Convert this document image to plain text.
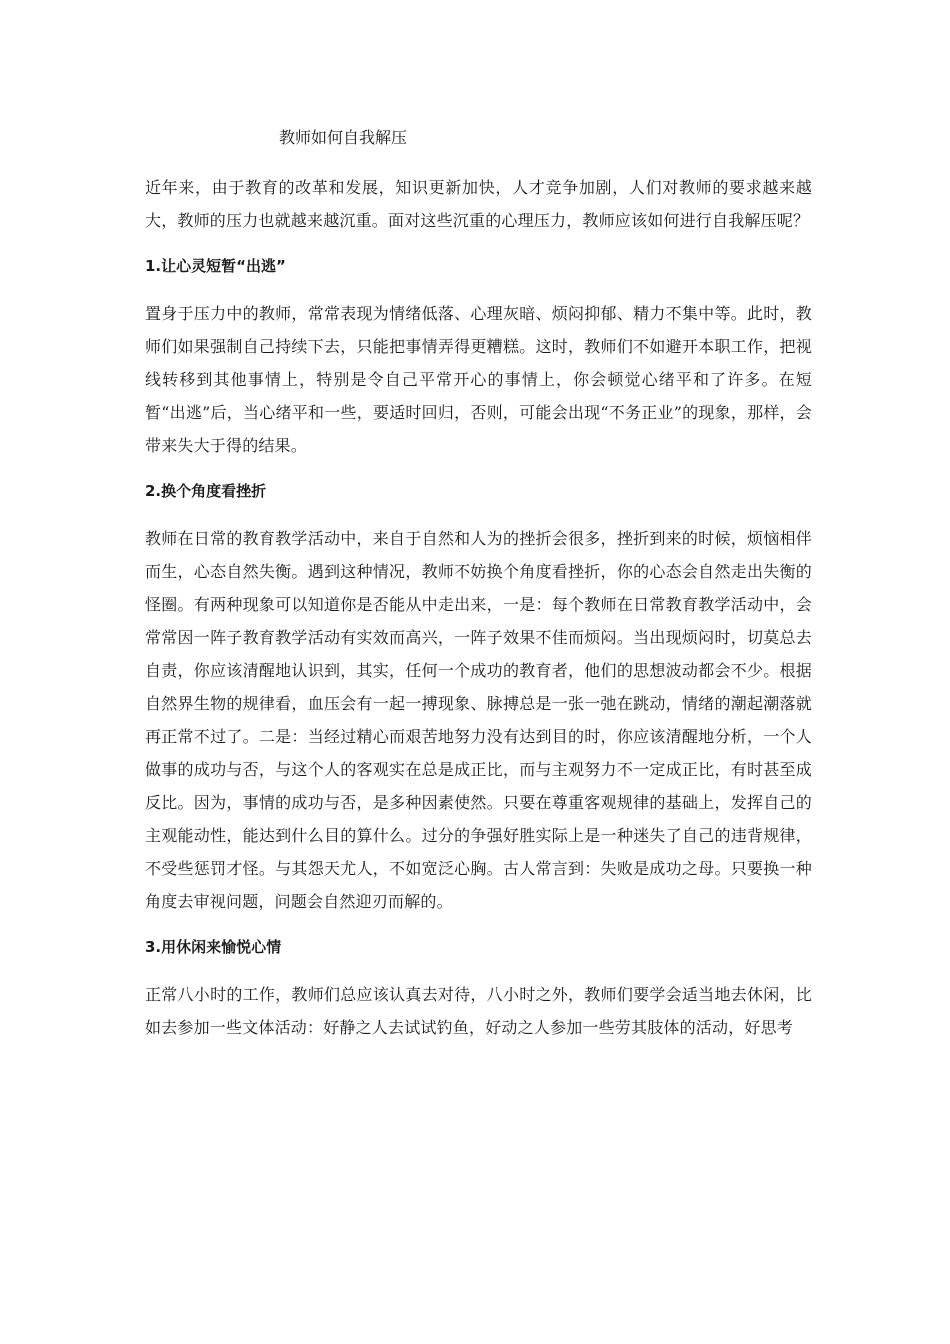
教师如何自我解压

近年来，由于教育的改革和发展，知识更新加快，人才竞争加剧，人们对教师的要求越来越大，教师的压力也就越来越沉重。面对这些沉重的心理压力，教师应该如何进行自我解压呢？

1.让心灵短暂“出逃”

置身于压力中的教师，常常表现为情绪低落、心理灰暗、烦闷抑郁、精力不集中等。此时，教师们如果强制自己持续下去，只能把事情弄得更糟糕。这时，教师们不如避开本职工作，把视线转移到其他事情上，特别是令自己平常开心的事情上，你会顿觉心绪平和了许多。在短暂“出逃”后，当心绪平和一些，要适时回归，否则，可能会出现“不务正业”的现象，那样，会带来失大于得的结果。

2.换个角度看挫折

教师在日常的教育教学活动中，来自于自然和人为的挫折会很多，挫折到来的时候，烦恼相伴而生，心态自然失衡。遇到这种情况，教师不妨换个角度看挫折，你的心态会自然走出失衡的怪圈。有两种现象可以知道你是否能从中走出来，一是：每个教师在日常教育教学活动中，会常常因一阵子教育教学活动有实效而高兴，一阵子效果不佳而烦闷。当出现烦闷时，切莫总去自责，你应该清醒地认识到，其实，任何一个成功的教育者，他们的思想波动都会不少。根据自然界生物的规律看，血压会有一起一搏现象、脉搏总是一张一弛在跳动，情绪的潮起潮落就再正常不过了。二是：当经过精心而艰苦地努力没有达到目的时，你应该清醒地分析，一个人做事的成功与否，与这个人的客观实在总是成正比，而与主观努力不一定成正比，有时甚至成反比。因为，事情的成功与否，是多种因素使然。只要在尊重客观规律的基础上，发挥自己的主观能动性，能达到什么目的算什么。过分的争强好胜实际上是一种迷失了自己的违背规律，不受些惩罚才怪。与其怨天尤人，不如宽泛心胸。古人常言到：失败是成功之母。只要换一种角度去审视问题，问题会自然迎刃而解的。

3.用休闲来愉悦心情

正常八小时的工作，教师们总应该认真去对待，八小时之外，教师们要学会适当地去休闲，比如去参加一些文体活动：好静之人去试试钓鱼，好动之人参加一些劳其肢体的活动，好思考
